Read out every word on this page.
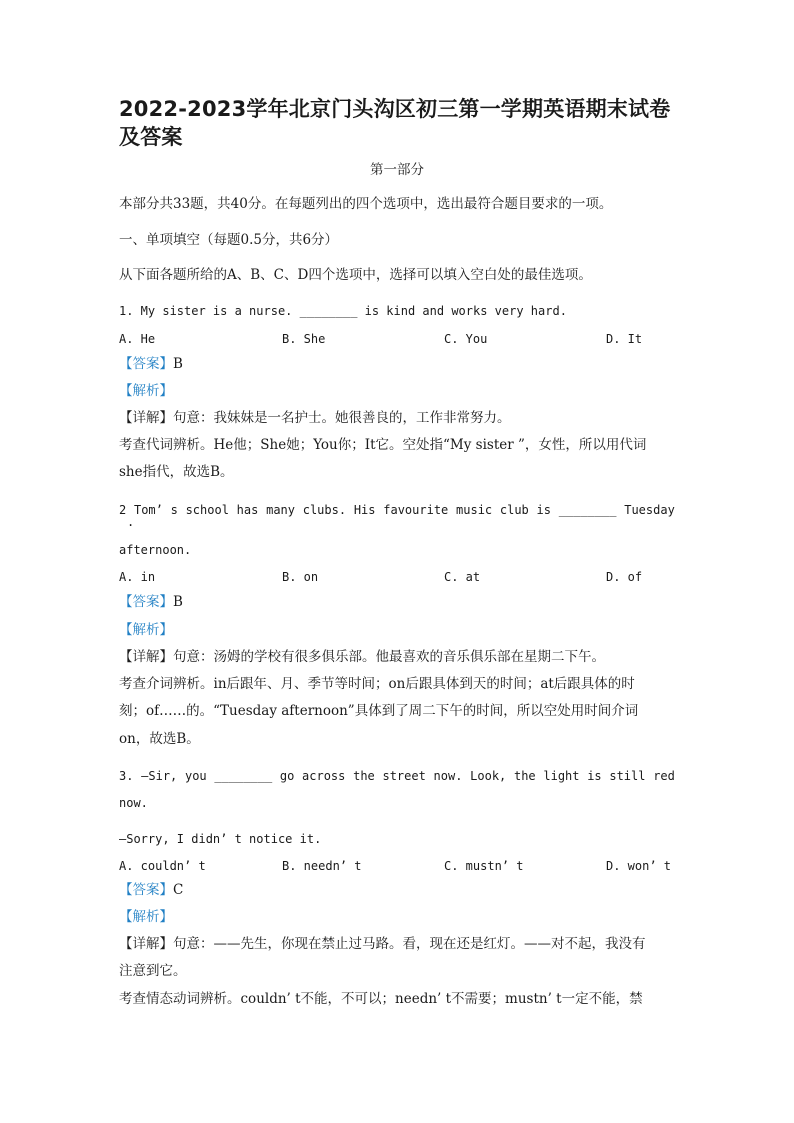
2022-2023学年北京门头沟区初三第一学期英语期末试卷及答案
第一部分
本部分共33题，共40分。在每题列出的四个选项中，选出最符合题目要求的一项。
一、单项填空（每题0.5分，共6分）
从下面各题所给的A、B、C、D四个选项中，选择可以填入空白处的最佳选项。
1. My sister is a nurse. ________ is kind and works very hard.
A. He	B. She	C. You	D. It
【答案】B
【解析】
【详解】句意：我妹妹是一名护士。她很善良的，工作非常努力。
考查代词辨析。He他；She她；You你；It它。空处指“My sister ”，女性，所以用代词
she指代，故选B。
2 Tom’ s school has many clubs. His favourite music club is ________ Tuesday
.
afternoon.
A. in	B. on	C. at	D. of
【答案】B
【解析】
【详解】句意：汤姆的学校有很多俱乐部。他最喜欢的音乐俱乐部在星期二下午。
考查介词辨析。in后跟年、月、季节等时间；on后跟具体到天的时间；at后跟具体的时
刻；of……的。“Tuesday afternoon”具体到了周二下午的时间，所以空处用时间介词
on，故选B。
3. —Sir, you ________ go across the street now. Look, the light is still red
now.
—Sorry, I didn’ t notice it.
A. couldn’ t	B. needn’ t	C. mustn’ t	D. won’ t
【答案】C
【解析】
【详解】句意：——先生，你现在禁止过马路。看，现在还是红灯。——对不起，我没有
注意到它。
考查情态动词辨析。couldn’ t不能，不可以；needn’ t不需要；mustn’ t一定不能，禁
